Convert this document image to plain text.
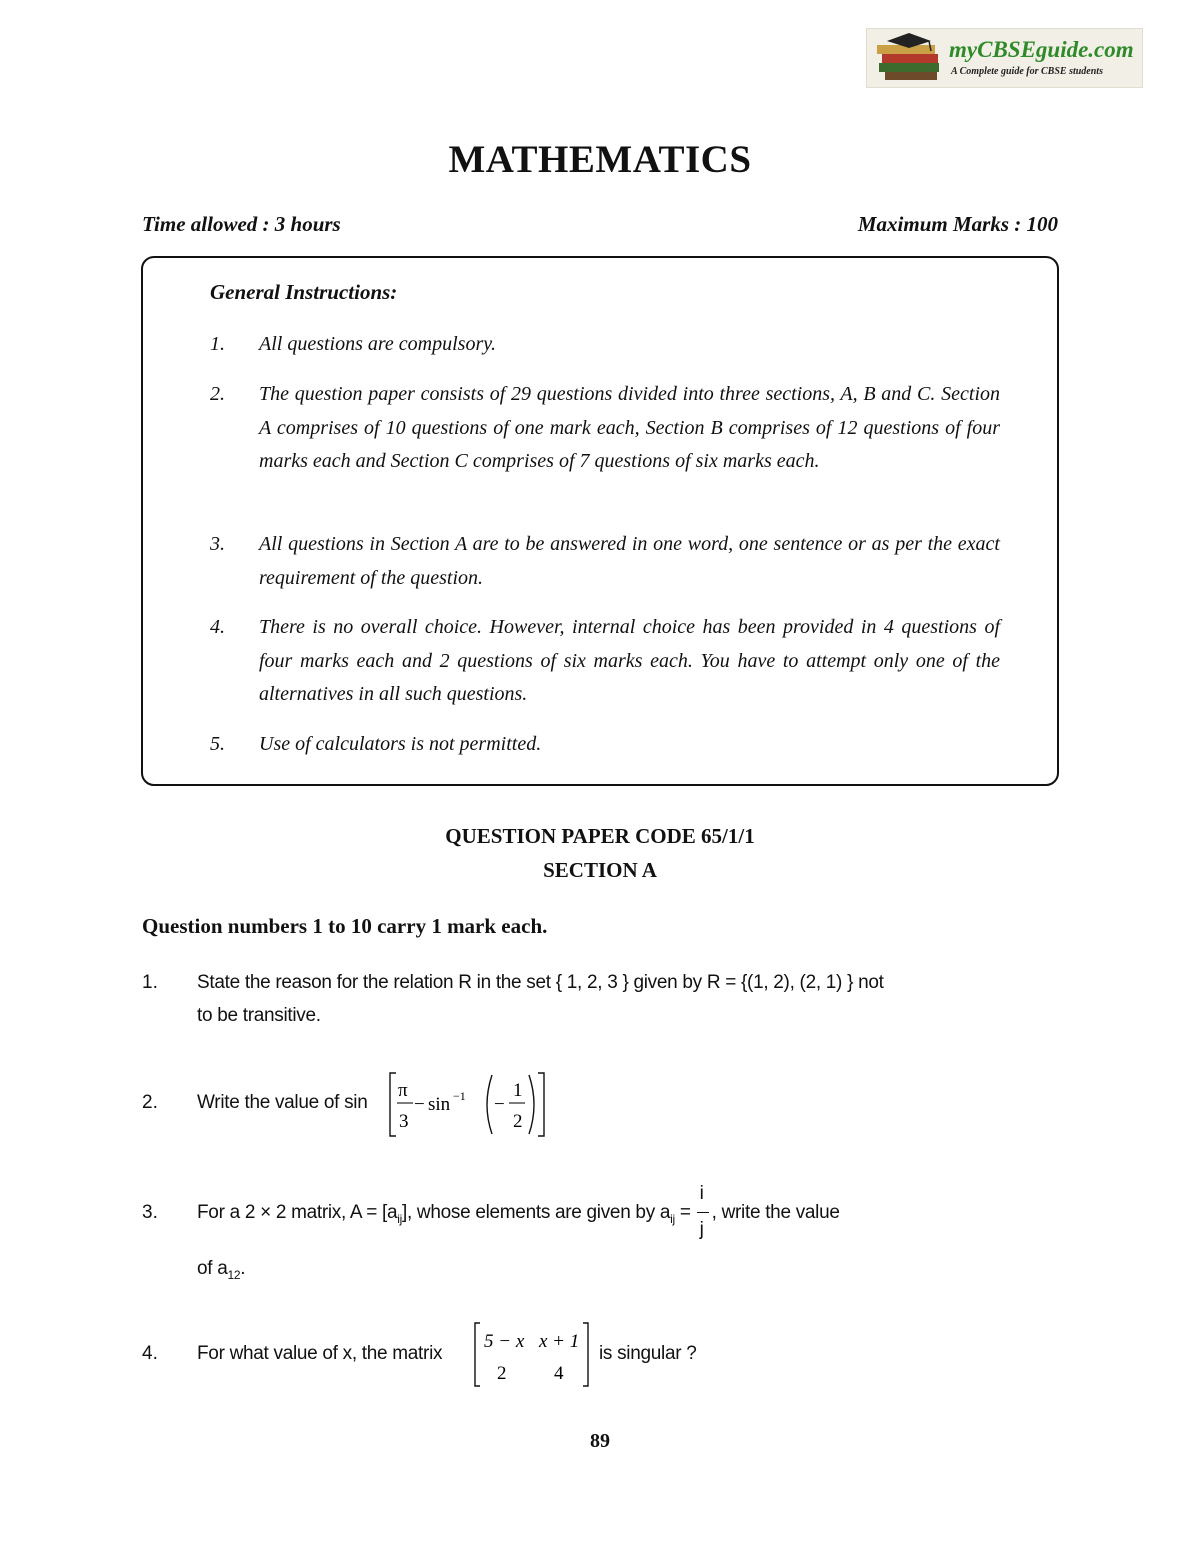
myCBSEguide.com
A Complete guide for CBSE students
MATHEMATICS
Time allowed : 3 hours	Maximum Marks : 100
General Instructions:
1. All questions are compulsory.
2. The question paper consists of 29 questions divided into three sections, A, B and C. Section A comprises of 10 questions of one mark each, Section B comprises of 12 questions of four marks each and Section C comprises of 7 questions of six marks each.
3. All questions in Section A are to be answered in one word, one sentence or as per the exact requirement of the question.
4. There is no overall choice. However, internal choice has been provided in 4 questions of four marks each and 2 questions of six marks each. You have to attempt only one of the alternatives in all such questions.
5. Use of calculators is not permitted.
QUESTION PAPER CODE 65/1/1
SECTION A
Question numbers 1 to 10 carry 1 mark each.
1. State the reason for the relation R in the set { 1, 2, 3 } given by R = {(1, 2), (2, 1) } not
to be transitive.
2. Write the value of sin
π
3
− sin −1 −
1
2
3. For a 2 × 2 matrix, $A = [a_{ij}]$, whose elements are given by $a_{ij} = \frac{i}{j}$ , write the value
of $a_{12}$.
4. For what value of x, the matrix
5 − x x + 1
2	4
is singular ?
89
